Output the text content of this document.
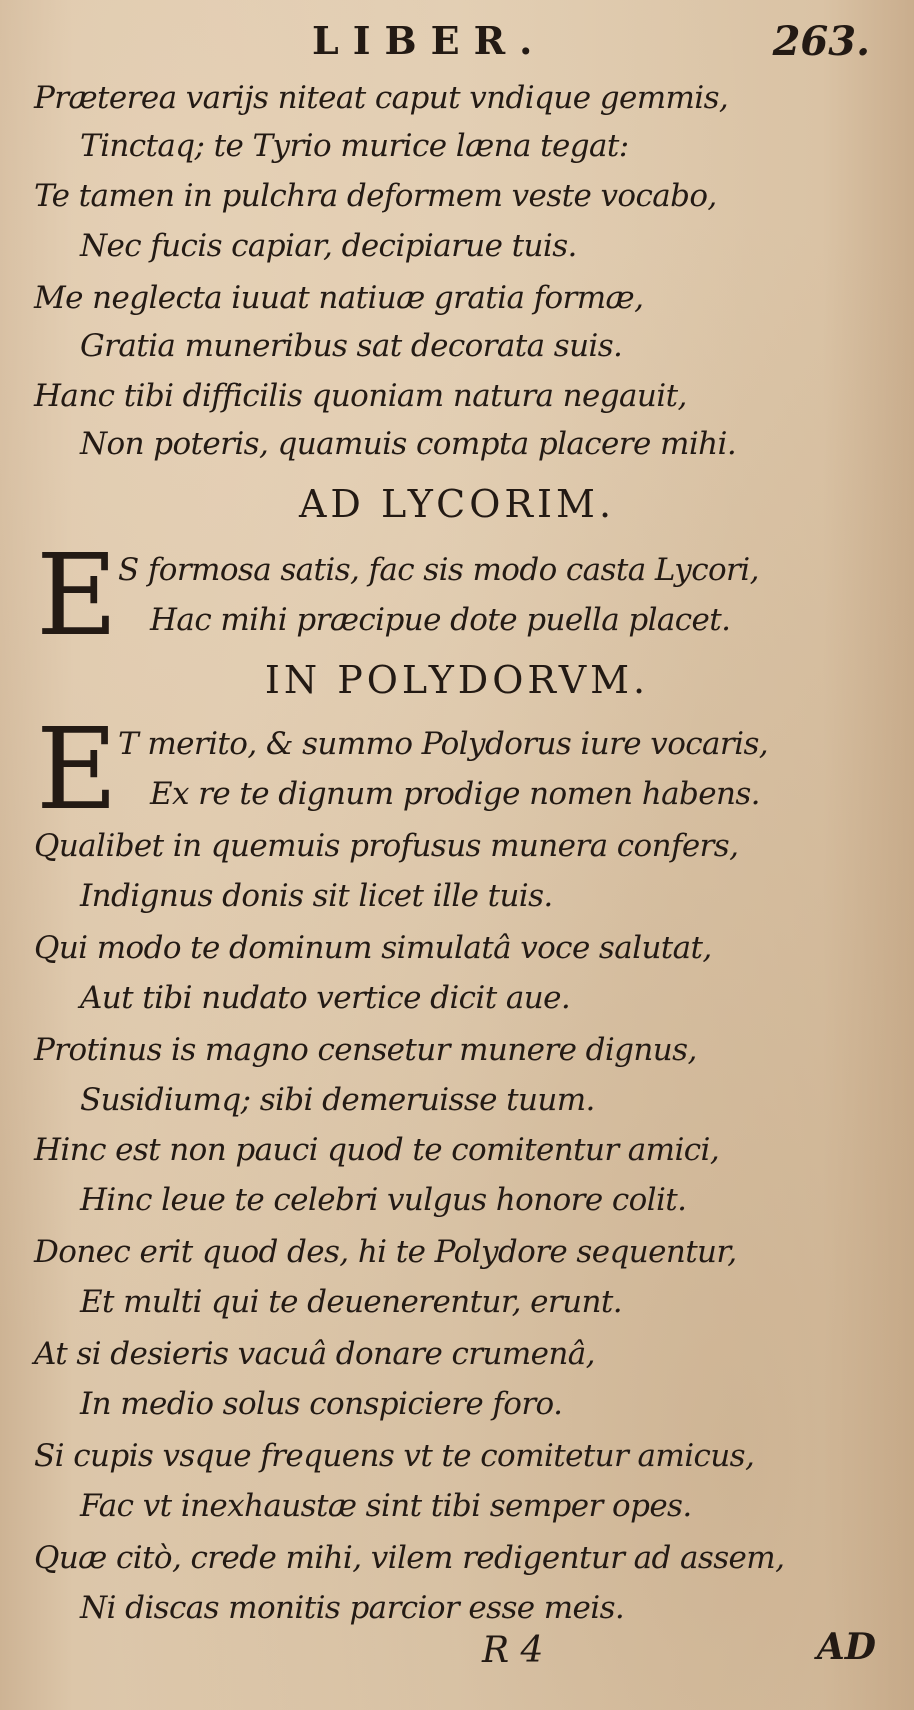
LIBER.	263.
Præterea varijs niteat caput vndique gemmis,
Tinctaq; te Tyrio murice læna tegat:
Te tamen in pulchra deformem veste vocabo,
Nec fucis capiar, decipiarue tuis.
Me neglecta iuuat natiuæ gratia formæ,
Gratia muneribus sat decorata suis.
Hanc tibi difficilis quoniam natura negauit,
Non poteris, quamuis compta placere mihi.
AD LYCORIM.
E S formosa satis, fac sis modo casta Lycori,
Hac mihi præcipue dote puella placet.
IN POLYDORVM.
E T merito, & summo Polydorus iure vocaris,
Ex re te dignum prodige nomen habens.
Qualibet in quemuis profusus munera confers,
Indignus donis sit licet ille tuis.
Qui modo te dominum simulatâ voce salutat,
Aut tibi nudato vertice dicit aue.
Protinus is magno censetur munere dignus,
Susidiumq; sibi demeruisse tuum.
Hinc est non pauci quod te comitentur amici,
Hinc leue te celebri vulgus honore colit.
Donec erit quod des, hi te Polydore sequentur,
Et multi qui te deuenerentur, erunt.
At si desieris vacuâ donare crumenâ,
In medio solus conspiciere foro.
Si cupis vsque frequens vt te comitetur amicus,
Fac vt inexhaustæ sint tibi semper opes.
Quæ citò, crede mihi, vilem redigentur ad assem,
Ni discas monitis parcior esse meis.
R 4	AD
